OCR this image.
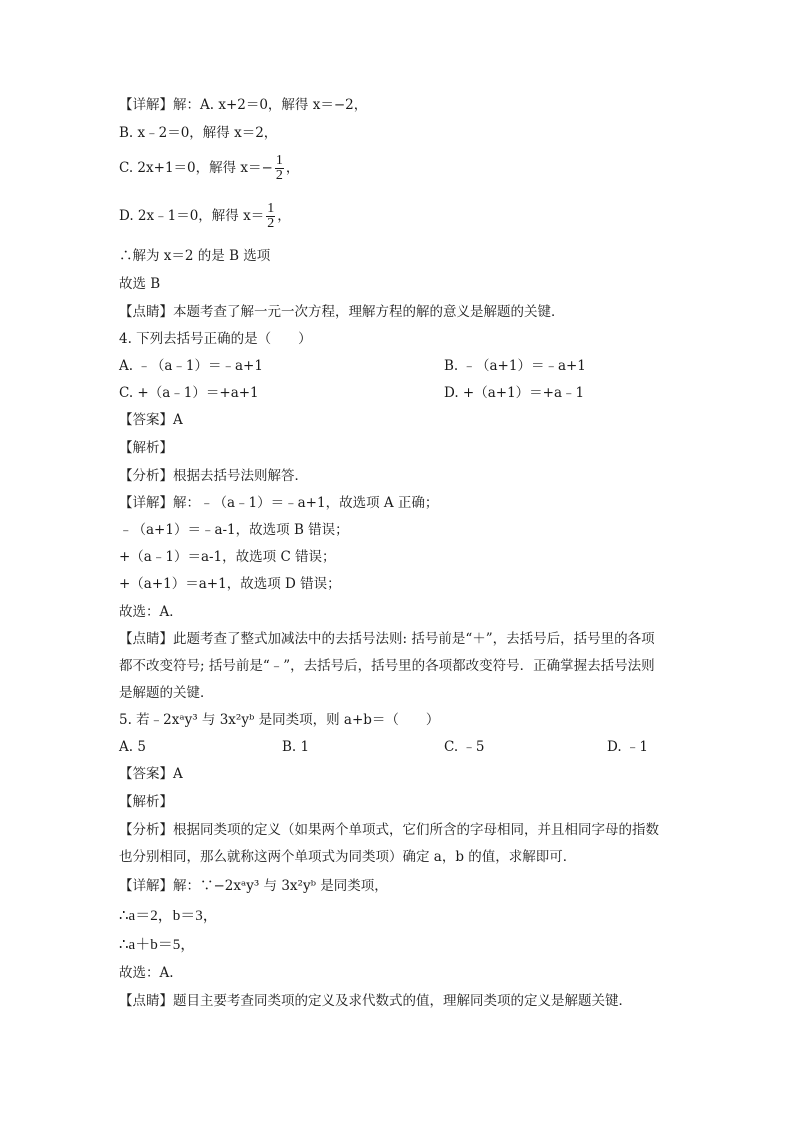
【详解】解：A. x+2＝0，解得 x＝−2，
B. x﹣2＝0，解得 x＝2，
C. 2x+1＝0，解得 $x=- \frac{1}{2}$ ，
D. 2x﹣1＝0，解得 $x= \frac{1}{2}$ ，
∴解为 x＝2 的是 B 选项
故选 B
【点睛】本题考查了解一元一次方程，理解方程的解的意义是解题的关键．
4. 下列去括号正确的是（　　）
A. ﹣（a﹣1）＝﹣a+1	B. ﹣（a+1）＝﹣a+1
C. +（a﹣1）＝+a+1	D. +（a+1）＝+a﹣1
【答案】A
【解析】
【分析】根据去括号法则解答．
【详解】解：﹣（a﹣1）＝﹣a+1，故选项 A 正确；
﹣（a+1）＝﹣a-1，故选项 B 错误；
+（a﹣1）＝a-1，故选项 C 错误；
+（a+1）＝a+1，故选项 D 错误；
故选：A．
【点睛】此题考查了整式加减法中的去括号法则: 括号前是“＋”，去括号后，括号里的各项
都不改变符号; 括号前是“﹣”，去括号后，括号里的各项都改变符号．正确掌握去括号法则
是解题的关键．
5. 若﹣2xᵃy³ 与 3x²yᵇ 是同类项，则 a+b＝（　　）
A. 5	B. 1	C. ﹣5	D. ﹣1
【答案】A
【解析】
【分析】根据同类项的定义（如果两个单项式，它们所含的字母相同，并且相同字母的指数
也分别相同，那么就称这两个单项式为同类项）确定 a，b 的值，求解即可．
【详解】解：∵−2xᵃy³ 与 3x²yᵇ 是同类项，
∴a＝2，b＝3，
∴a＋b＝5，
故选：A.
【点睛】题目主要考查同类项的定义及求代数式的值，理解同类项的定义是解题关键．
